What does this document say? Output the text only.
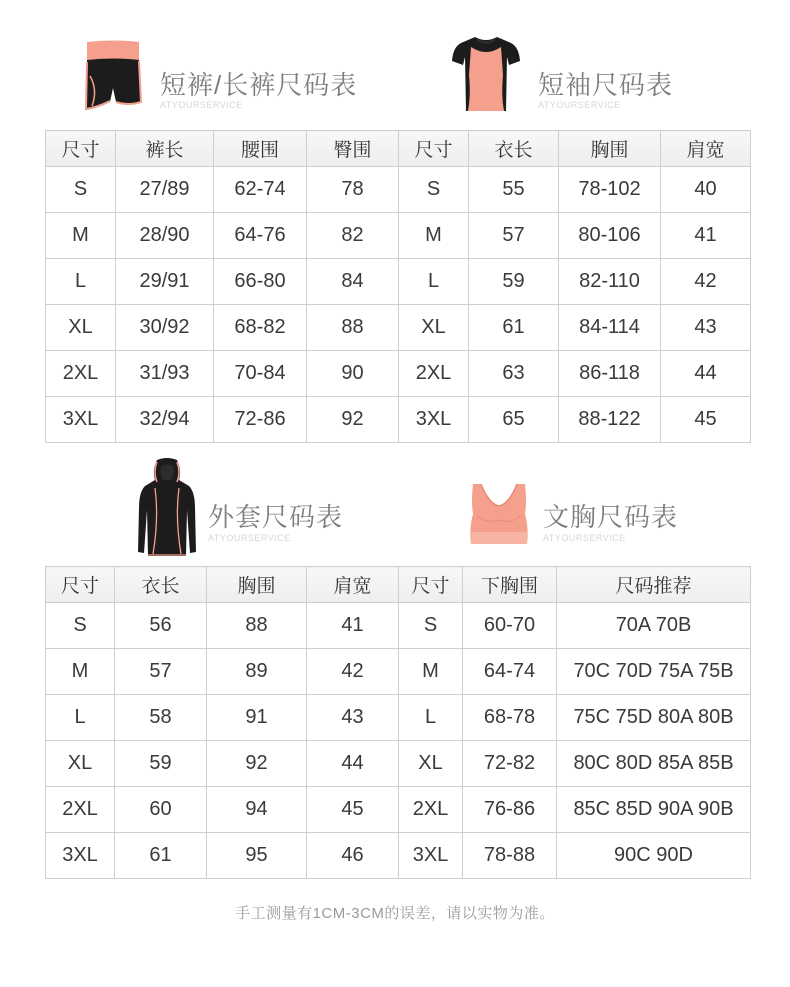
短裤/长裤尺码表
ATYOURSERVICE
短袖尺码表
ATYOURSERVICE
尺寸	裤长	腰围	臀围
S	27/89	62-74	78
M	28/90	64-76	82
L	29/91	66-80	84
XL	30/92	68-82	88
2XL	31/93	70-84	90
3XL	32/94	72-86	92
尺寸	衣长	胸围	肩宽
S	55	78-102	40
M	57	80-106	41
L	59	82-110	42
XL	61	84-114	43
2XL	63	86-118	44
3XL	65	88-122	45
外套尺码表
ATYOURSERVICE
文胸尺码表
ATYOURSERVICE
尺寸	衣长	胸围	肩宽
S	56	88	41
M	57	89	42
L	58	91	43
XL	59	92	44
2XL	60	94	45
3XL	61	95	46
尺寸	下胸围	尺码推荐
S	60-70	70A 70B
M	64-74	70C 70D 75A 75B
L	68-78	75C 75D 80A 80B
XL	72-82	80C 80D 85A 85B
2XL	76-86	85C 85D 90A 90B
3XL	78-88	90C 90D
手工测量有1CM-3CM的误差，请以实物为准。
